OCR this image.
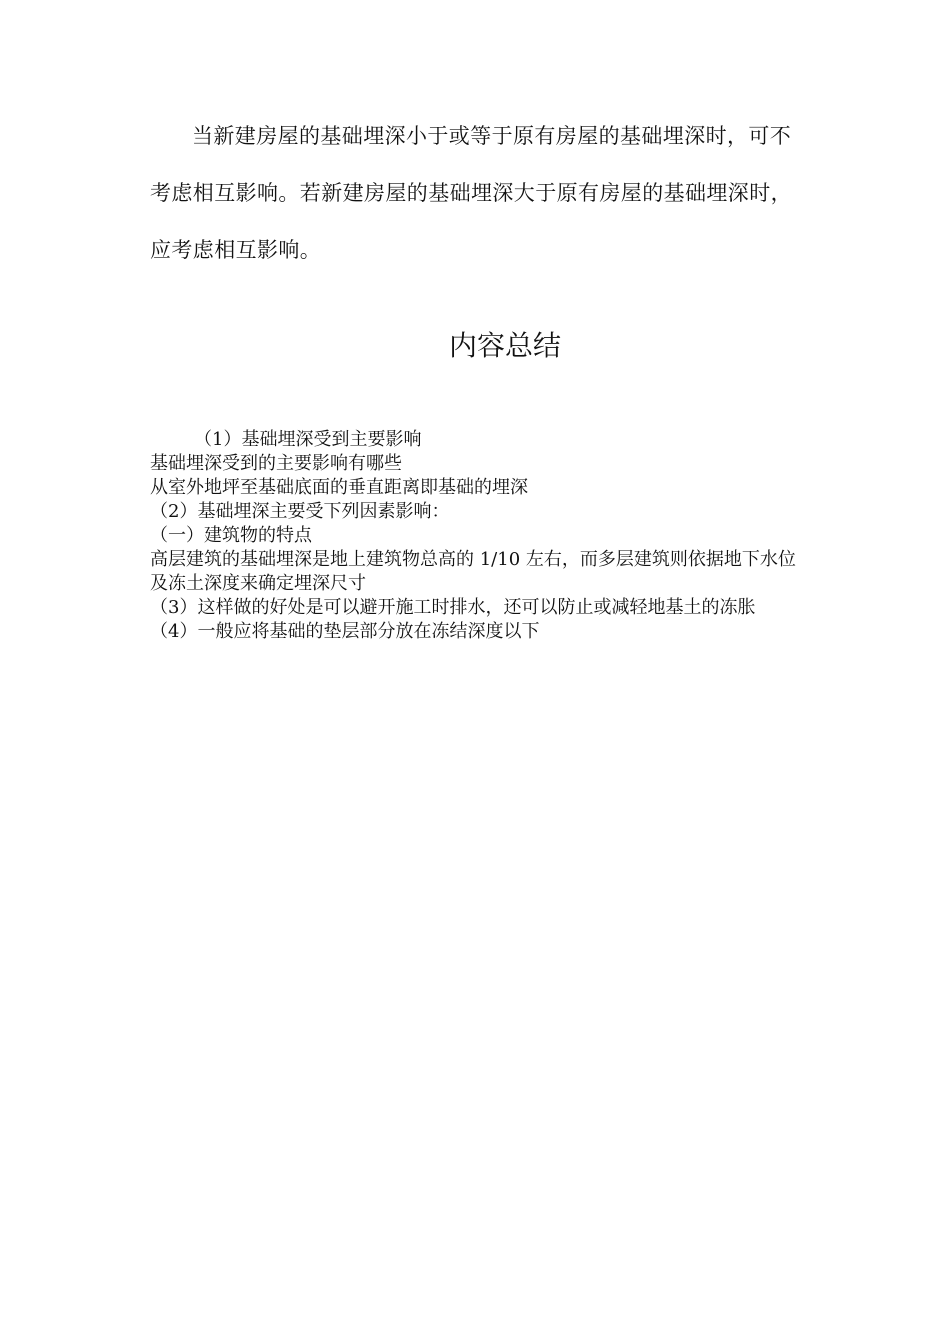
当新建房屋的基础埋深小于或等于原有房屋的基础埋深时，可不考虑相互影响。若新建房屋的基础埋深大于原有房屋的基础埋深时，应考虑相互影响。

内容总结
（1）基础埋深受到主要影响
基础埋深受到的主要影响有哪些
从室外地坪至基础底面的垂直距离即基础的埋深
（2）基础埋深主要受下列因素影响：
（一）建筑物的特点
高层建筑的基础埋深是地上建筑物总高的 1/10 左右，而多层建筑则依据地下水位及冻土深度来确定埋深尺寸
（3）这样做的好处是可以避开施工时排水，还可以防止或减轻地基土的冻胀
（4）一般应将基础的垫层部分放在冻结深度以下
